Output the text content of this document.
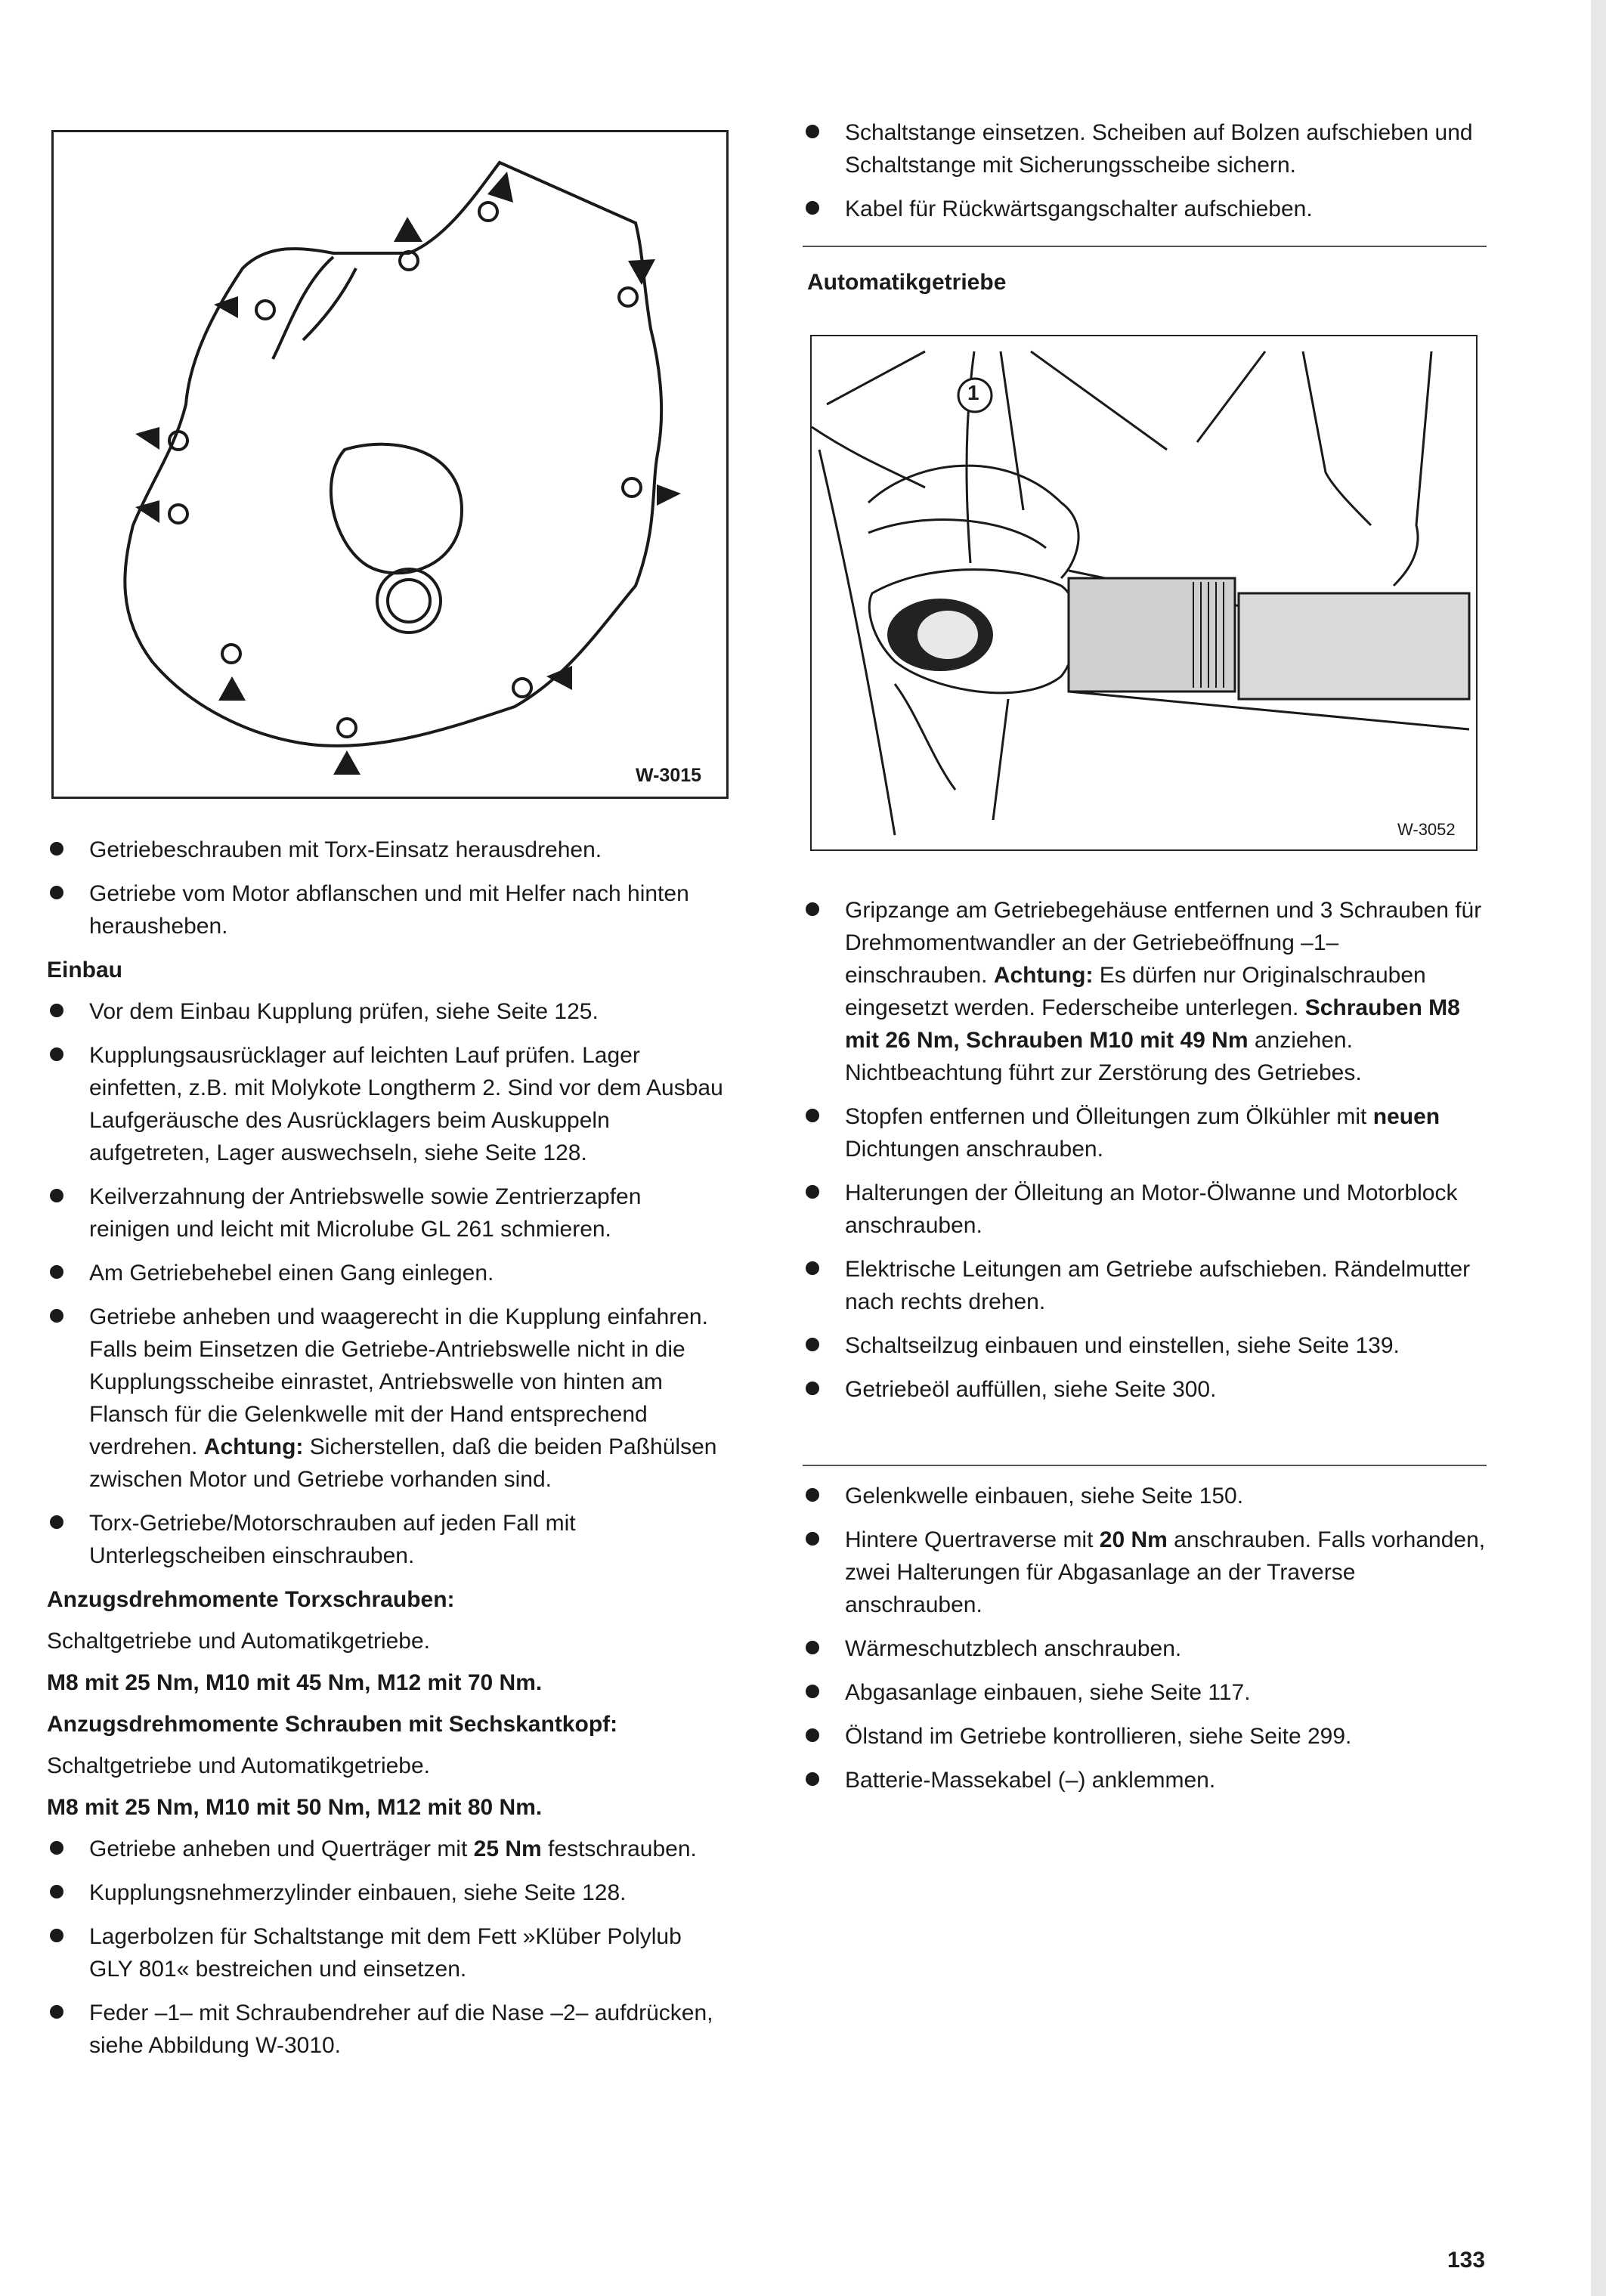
W-3015
1
W-3052
Schaltstange einsetzen. Scheiben auf Bolzen aufschieben und Schaltstange mit Sicherungsscheibe sichern.
Kabel für Rückwärtsgangschalter aufschieben.
Automatikgetriebe
Gripzange am Getriebegehäuse entfernen und 3 Schrauben für Drehmomentwandler an der Getriebeöffnung –1– einschrauben. Achtung: Es dürfen nur Originalschrauben eingesetzt werden. Federscheibe unterlegen. Schrauben M8 mit 26 Nm, Schrauben M10 mit 49 Nm anziehen. Nichtbeachtung führt zur Zerstörung des Getriebes.
Stopfen entfernen und Ölleitungen zum Ölkühler mit neuen Dichtungen anschrauben.
Halterungen der Ölleitung an Motor-Ölwanne und Motorblock anschrauben.
Elektrische Leitungen am Getriebe aufschieben. Rändelmutter nach rechts drehen.
Schaltseilzug einbauen und einstellen, siehe Seite 139.
Getriebeöl auffüllen, siehe Seite 300.
Gelenkwelle einbauen, siehe Seite 150.
Hintere Quertraverse mit 20 Nm anschrauben. Falls vorhanden, zwei Halterungen für Abgasanlage an der Traverse anschrauben.
Wärmeschutzblech anschrauben.
Abgasanlage einbauen, siehe Seite 117.
Ölstand im Getriebe kontrollieren, siehe Seite 299.
Batterie-Massekabel (–) anklemmen.
Getriebeschrauben mit Torx-Einsatz herausdrehen.
Getriebe vom Motor abflanschen und mit Helfer nach hinten herausheben.
Einbau
Vor dem Einbau Kupplung prüfen, siehe Seite 125.
Kupplungsausrücklager auf leichten Lauf prüfen. Lager einfetten, z.B. mit Molykote Longtherm 2. Sind vor dem Ausbau Laufgeräusche des Ausrücklagers beim Auskuppeln aufgetreten, Lager auswechseln, siehe Seite 128.
Keilverzahnung der Antriebswelle sowie Zentrierzapfen reinigen und leicht mit Microlube GL 261 schmieren.
Am Getriebehebel einen Gang einlegen.
Getriebe anheben und waagerecht in die Kupplung einfahren. Falls beim Einsetzen die Getriebe-Antriebswelle nicht in die Kupplungsscheibe einrastet, Antriebswelle von hinten am Flansch für die Gelenkwelle mit der Hand entsprechend verdrehen. Achtung: Sicherstellen, daß die beiden Paßhülsen zwischen Motor und Getriebe vorhanden sind.
Torx-Getriebe/Motorschrauben auf jeden Fall mit Unterlegscheiben einschrauben.
Anzugsdrehmomente Torxschrauben:
Schaltgetriebe und Automatikgetriebe.
M8 mit 25 Nm, M10 mit 45 Nm, M12 mit 70 Nm.
Anzugsdrehmomente Schrauben mit Sechskantkopf:
Schaltgetriebe und Automatikgetriebe.
M8 mit 25 Nm, M10 mit 50 Nm, M12 mit 80 Nm.
Getriebe anheben und Querträger mit 25 Nm festschrauben.
Kupplungsnehmerzylinder einbauen, siehe Seite 128.
Lagerbolzen für Schaltstange mit dem Fett »Klüber Polylub GLY 801« bestreichen und einsetzen.
Feder –1– mit Schraubendreher auf die Nase –2– aufdrücken, siehe Abbildung W-3010.
133
